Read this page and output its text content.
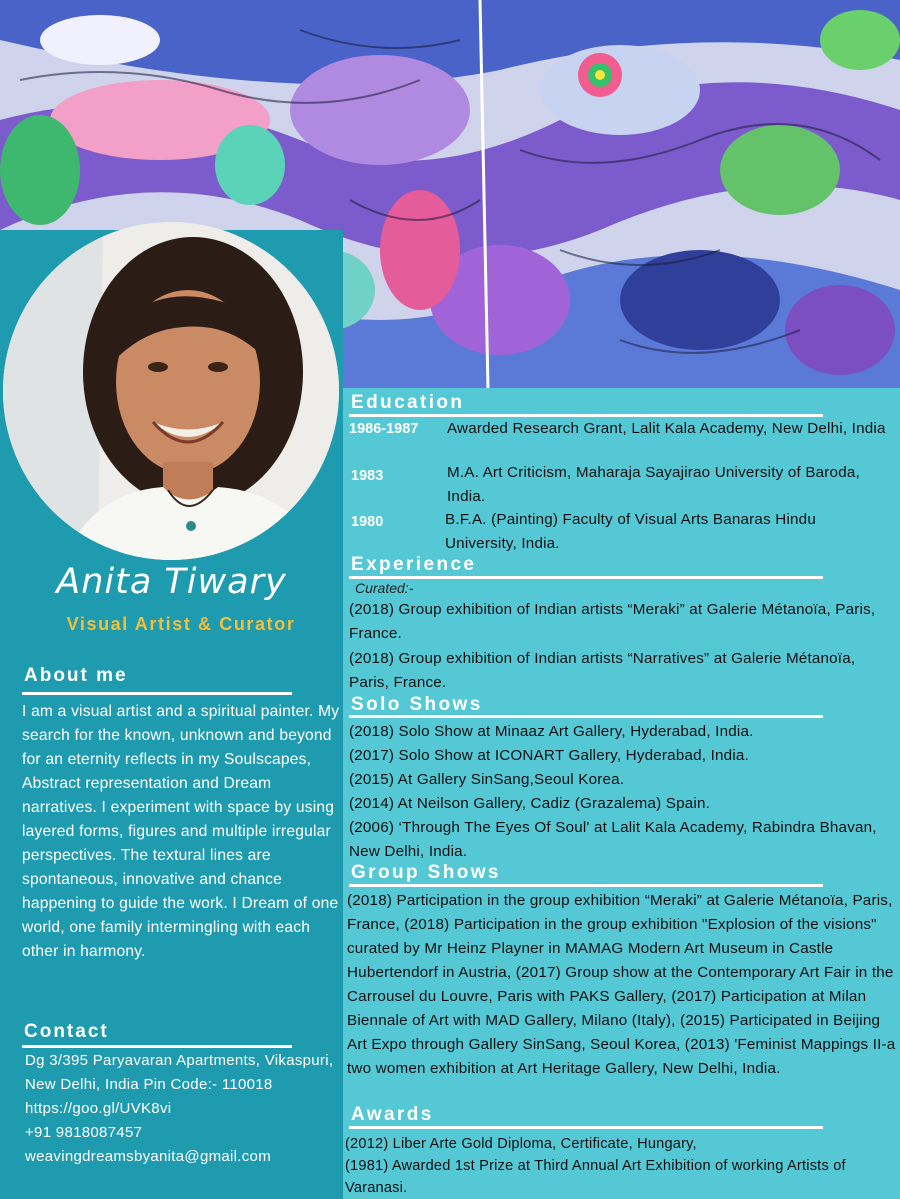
Anita Tiwary
Visual Artist & Curator
About me
I am a visual artist and a spiritual painter. My search for the known, unknown and beyond for an eternity reflects in my Soulscapes, Abstract representation and Dream narratives. I experiment with space by using layered forms, figures and multiple irregular perspectives. The textural lines are spontaneous, innovative and chance happening to guide the work. I Dream of one world, one family intermingling with each other in harmony.
Contact
Dg 3/395 Paryavaran Apartments, Vikaspuri, New Delhi, India Pin Code:- 110018
https://goo.gl/UVK8vi
+91 9818087457
weavingdreamsbyanita@gmail.com
Education
1986-1987 Awarded Research Grant, Lalit Kala Academy, New Delhi, India
1983	M.A. Art Criticism, Maharaja Sayajirao University of Baroda, India.
1980	B.F.A. (Painting) Faculty of Visual Arts Banaras Hindu University, India.
Experience
Curated:-
(2018) Group exhibition of Indian artists “Meraki” at Galerie Métanoïa, Paris, France.
(2018) Group exhibition of Indian artists “Narratives” at Galerie Métanoïa, Paris, France.
Solo Shows
(2018) Solo Show at Minaaz Art Gallery, Hyderabad, India.
(2017) Solo Show at ICONART Gallery, Hyderabad, India.
(2015) At Gallery SinSang,Seoul Korea.
(2014) At Neilson Gallery, Cadiz (Grazalema) Spain.
(2006) ‘Through The Eyes Of Soul' at Lalit Kala Academy, Rabindra Bhavan, New Delhi, India.
Group Shows
(2018) Participation in the group exhibition “Meraki” at Galerie Métanoïa, Paris, France, (2018) Participation in the group exhibition "Explosion of the visions" curated by Mr Heinz Playner in MAMAG Modern Art Museum in Castle Hubertendorf in Austria, (2017) Group show at the Contemporary Art Fair in the Carrousel du Louvre, Paris with PAKS Gallery, (2017) Participation at Milan Biennale of Art with MAD Gallery, Milano (Italy), (2015) Participated in Beijing Art Expo through Gallery SinSang, Seoul Korea, (2013) 'Feminist Mappings II-a two women exhibition at Art Heritage Gallery, New Delhi, India.
Awards
(2012) Liber Arte Gold Diploma, Certificate, Hungary,
(1981) Awarded 1st Prize at Third Annual Art Exhibition of working Artists of Varanasi.
